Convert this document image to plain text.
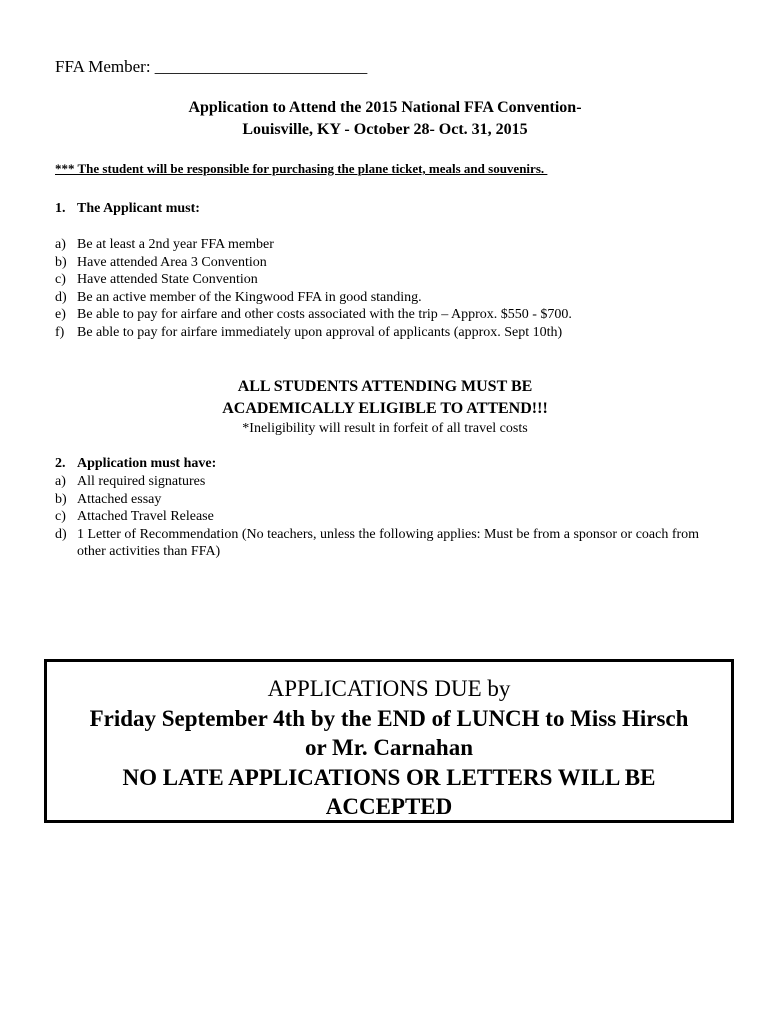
FFA Member: _________________________
Application to Attend the 2015 National FFA Convention-
Louisville, KY - October 28- Oct. 31, 2015
*** The student will be responsible for purchasing the plane ticket, meals and souvenirs.
1. The Applicant must:
a) Be at least a 2nd year FFA member
b) Have attended Area 3 Convention
c) Have attended State Convention
d) Be an active member of the Kingwood FFA in good standing.
e) Be able to pay for airfare and other costs associated with the trip – Approx. $550 - $700.
f) Be able to pay for airfare immediately upon approval of applicants (approx. Sept 10th)
ALL STUDENTS ATTENDING MUST BE
ACADEMICALLY ELIGIBLE TO ATTEND!!!
*Ineligibility will result in forfeit of all travel costs
2. Application must have:
a) All required signatures
b) Attached essay
c) Attached Travel Release
d) 1 Letter of Recommendation (No teachers, unless the following applies: Must be from a sponsor or coach from other activities than FFA)
APPLICATIONS DUE by
Friday September 4th by the END of LUNCH to Miss Hirsch
or Mr. Carnahan
NO LATE APPLICATIONS OR LETTERS WILL BE
ACCEPTED
